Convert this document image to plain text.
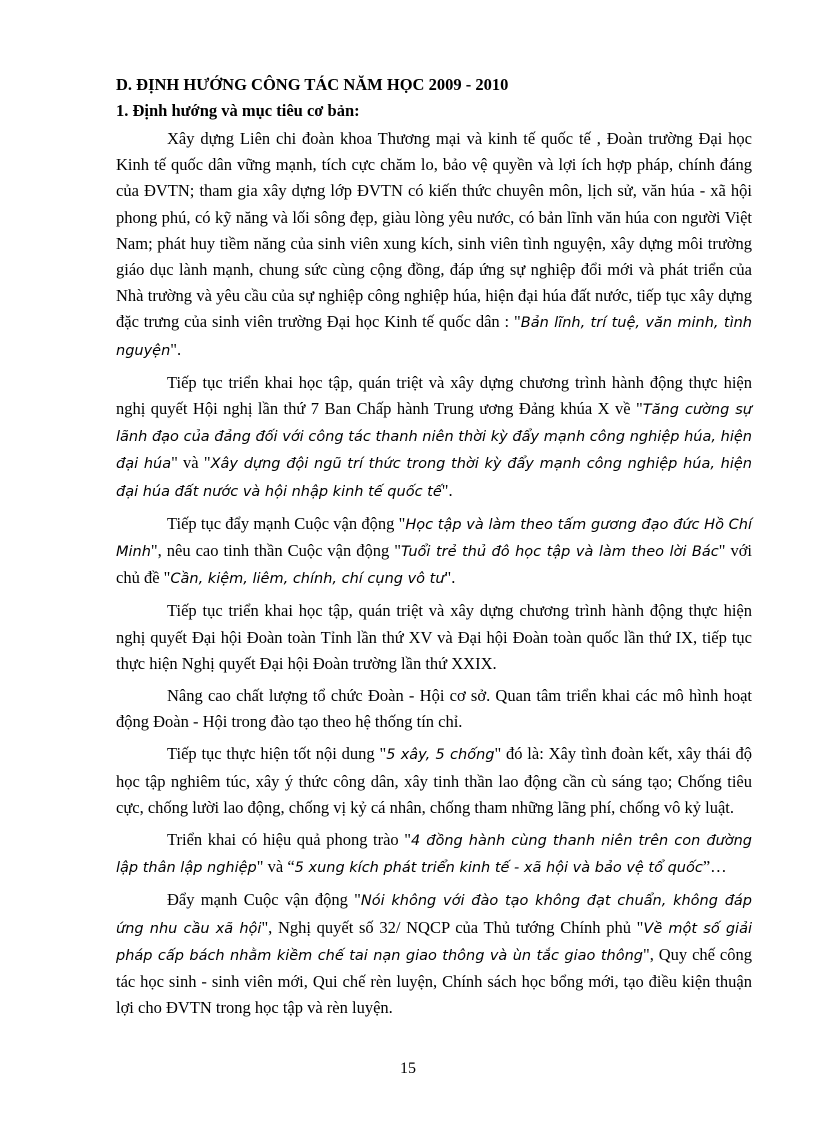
D. ĐỊNH HƯỚNG CÔNG TÁC NĂM HỌC 2009 - 2010

1. Định hướng và mục tiêu cơ bản:

Xây dựng Liên chi đoàn khoa Thương mại và kinh tế quốc tế , Đoàn trường Đại học Kinh tế quốc dân vững mạnh, tích cực chăm lo, bảo vệ quyền và lợi ích hợp pháp, chính đáng của ĐVTN; tham gia xây dựng lớp ĐVTN có kiến thức chuyên môn, lịch sử, văn húa - xã hội phong phú, có kỹ năng và lối sông đẹp, giàu lòng yêu nước, có bản lĩnh văn húa con người Việt Nam; phát huy tiềm năng của sinh viên xung kích, sinh viên tình nguyện, xây dựng môi trường giáo dục lành mạnh, chung sức cùng cộng đồng, đáp ứng sự nghiệp đổi mới và phát triển của Nhà trường và yêu cầu của sự nghiệp công nghiệp húa, hiện đại húa đất nước, tiếp tục xây dựng đặc trưng của sinh viên trường Đại học Kinh tế quốc dân : "Bản lĩnh, trí tuệ, văn minh, tình nguyện".

Tiếp tục triển khai học tập, quán triệt và xây dựng chương trình hành động thực hiện nghị quyết Hội nghị lần thứ 7 Ban Chấp hành Trung ương Đảng khúa X về "Tăng cường sự lãnh đạo của đảng đối với công tác thanh niên thời kỳ đẩy mạnh công nghiệp húa, hiện đại húa" và "Xây dựng đội ngũ trí thức trong thời kỳ đẩy mạnh công nghiệp húa, hiện đại húa đất nước và hội nhập kinh tế quốc tế".

Tiếp tục đẩy mạnh Cuộc vận động "Học tập và làm theo tấm gương đạo đức Hồ Chí Minh", nêu cao tinh thần Cuộc vận động "Tuổi trẻ thủ đô học tập và làm theo lời Bác" với chủ đề "Cần, kiệm, liêm, chính, chí cụng vô tư".

Tiếp tục triển khai học tập, quán triệt và xây dựng chương trình hành động thực hiện nghị quyết Đại hội Đoàn toàn Tỉnh lần thứ XV và Đại hội Đoàn toàn quốc lần thứ IX, tiếp tục thực hiện Nghị quyết Đại hội Đoàn trường lần thứ XXIX.

Nâng cao chất lượng tổ chức Đoàn - Hội cơ sở. Quan tâm triển khai các mô hình hoạt động Đoàn - Hội trong đào tạo theo hệ thống tín chỉ.

Tiếp tục thực hiện tốt nội dung "5 xây, 5 chống" đó là: Xây tình đoàn kết, xây thái độ học tập nghiêm túc, xây ý thức công dân, xây tinh thần lao động cần cù sáng tạo; Chống tiêu cực, chống lười lao động, chống vị kỷ cá nhân, chống tham những lãng phí, chống vô kỷ luật.

Triển khai có hiệu quả phong trào "4 đồng hành cùng thanh niên trên con đường lập thân lập nghiệp" và “5 xung kích phát triển kinh tế - xã hội và bảo vệ tổ quốc”…

Đẩy mạnh Cuộc vận động "Nói không với đào tạo không đạt chuẩn, không đáp ứng nhu cầu xã hội", Nghị quyết số 32/ NQCP của Thủ tướng Chính phủ "Về một số giải pháp cấp bách nhằm kiềm chế tai nạn giao thông và ùn tắc giao thông", Quy chế công tác học sinh - sinh viên mới, Qui chế rèn luyện, Chính sách học bổng mới, tạo điều kiện thuận lợi cho ĐVTN trong học tập và rèn luyện.

15
